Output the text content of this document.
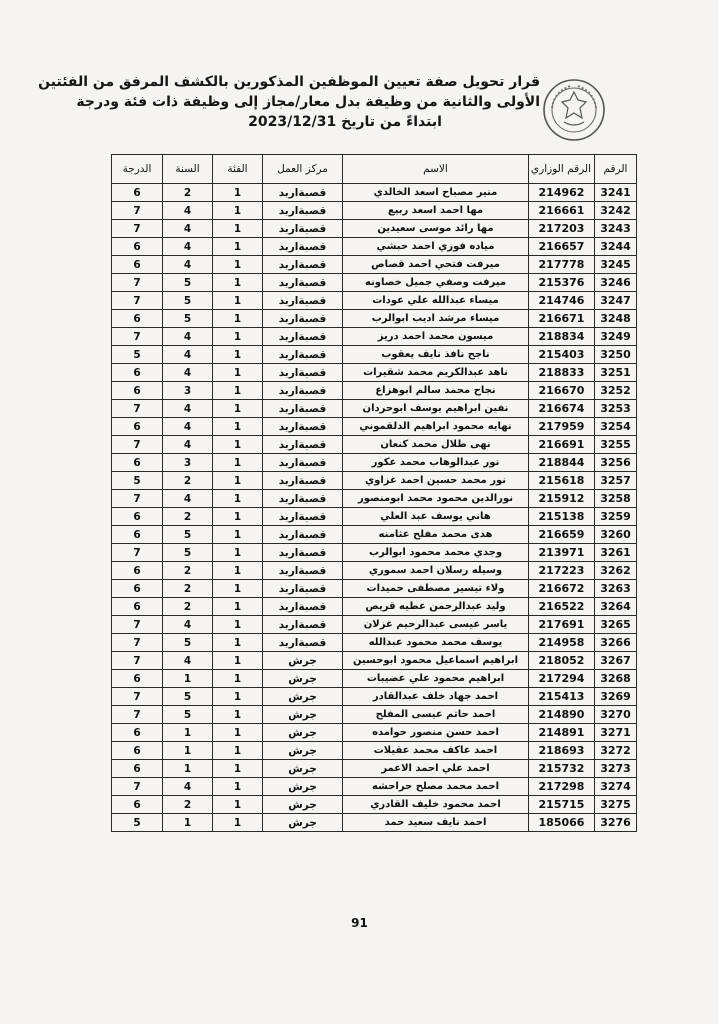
قرار تحويل صفة تعيين الموظفين المذكورين بالكشف المرفق من الفئتين
الأولى والثانية من وظيفة بدل معار/مجاز إلى وظيفة ذات فئة ودرجة
ابتداءً من تاريخ 2023/12/31
الرقم	الرقم الوزاري	الاسم	مركز العمل	الفئة	السنة	الدرجة
3241	214962	منير مصباح اسعد الخالدي	قصبةاربد	1	2	6
3242	216661	مها احمد اسعد ربيع	قصبةاربد	1	4	7
3243	217203	مها رائد موسى سعيدين	قصبةاربد	1	4	7
3244	216657	مياده فوزي احمد حبشي	قصبةاربد	1	4	6
3245	217778	ميرفت فتحي احمد قصاص	قصبةاربد	1	4	6
3246	215376	ميرفت وصفي جميل خصاونه	قصبةاربد	1	5	7
3247	214746	ميساء عبدالله علي عودات	قصبةاربد	1	5	7
3248	216671	ميساء مرشد اديب ابوالرب	قصبةاربد	1	5	6
3249	218834	ميسون محمد احمد دريز	قصبةاربد	1	4	7
3250	215403	ناجح نافذ نايف يعقوب	قصبةاربد	1	4	5
3251	218833	ناهد عبدالكريم محمد شقيرات	قصبةاربد	1	4	6
3252	216670	نجاح محمد سالم ابوهزاع	قصبةاربد	1	3	6
3253	216674	نفين ابراهيم يوسف ابوحردان	قصبةاربد	1	4	7
3254	217959	نهايه محمود ابراهيم الدلقموني	قصبةاربد	1	4	6
3255	216691	نهى طلال محمد كنعان	قصبةاربد	1	4	7
3256	218844	نور عبدالوهاب محمد عكور	قصبةاربد	1	3	6
3257	215618	نور محمد حسين احمد غزاوي	قصبةاربد	1	2	5
3258	215912	نورالدين محمود محمد ابومنصور	قصبةاربد	1	4	7
3259	215138	هاني يوسف عبد العلي	قصبةاربد	1	2	6
3260	216659	هدى محمد مفلح عثامنه	قصبةاربد	1	5	6
3261	213971	وجدي محمد محمود ابوالرب	قصبةاربد	1	5	7
3262	217223	وسيله رسلان احمد سموري	قصبةاربد	1	2	6
3263	216672	ولاء تيسير مصطفى حميدات	قصبةاربد	1	2	6
3264	216522	وليد عبدالرحمن عطيه قريص	قصبةاربد	1	2	6
3265	217691	ياسر عيسى عبدالرحيم غزلان	قصبةاربد	1	4	7
3266	214958	يوسف محمد محمود عبدالله	قصبةاربد	1	5	7
3267	218052	ابراهيم اسماعيل محمود ابوحسين	جرش	1	4	7
3268	217294	ابراهيم محمود علي عضيبات	جرش	1	1	6
3269	215413	احمد جهاد خلف عبدالقادر	جرش	1	5	7
3270	214890	احمد حاتم عيسى المفلح	جرش	1	5	7
3271	214891	احمد حسن منصور حوامده	جرش	1	1	6
3272	218693	احمد عاكف محمد عقيلات	جرش	1	1	6
3273	215732	احمد علي احمد الاعمر	جرش	1	1	6
3274	217298	احمد محمد مصلح حراحشه	جرش	1	4	7
3275	215715	احمد محمود خليف القادري	جرش	1	2	6
3276	185066	احمد نايف سعيد حمد	جرش	1	1	5
91
